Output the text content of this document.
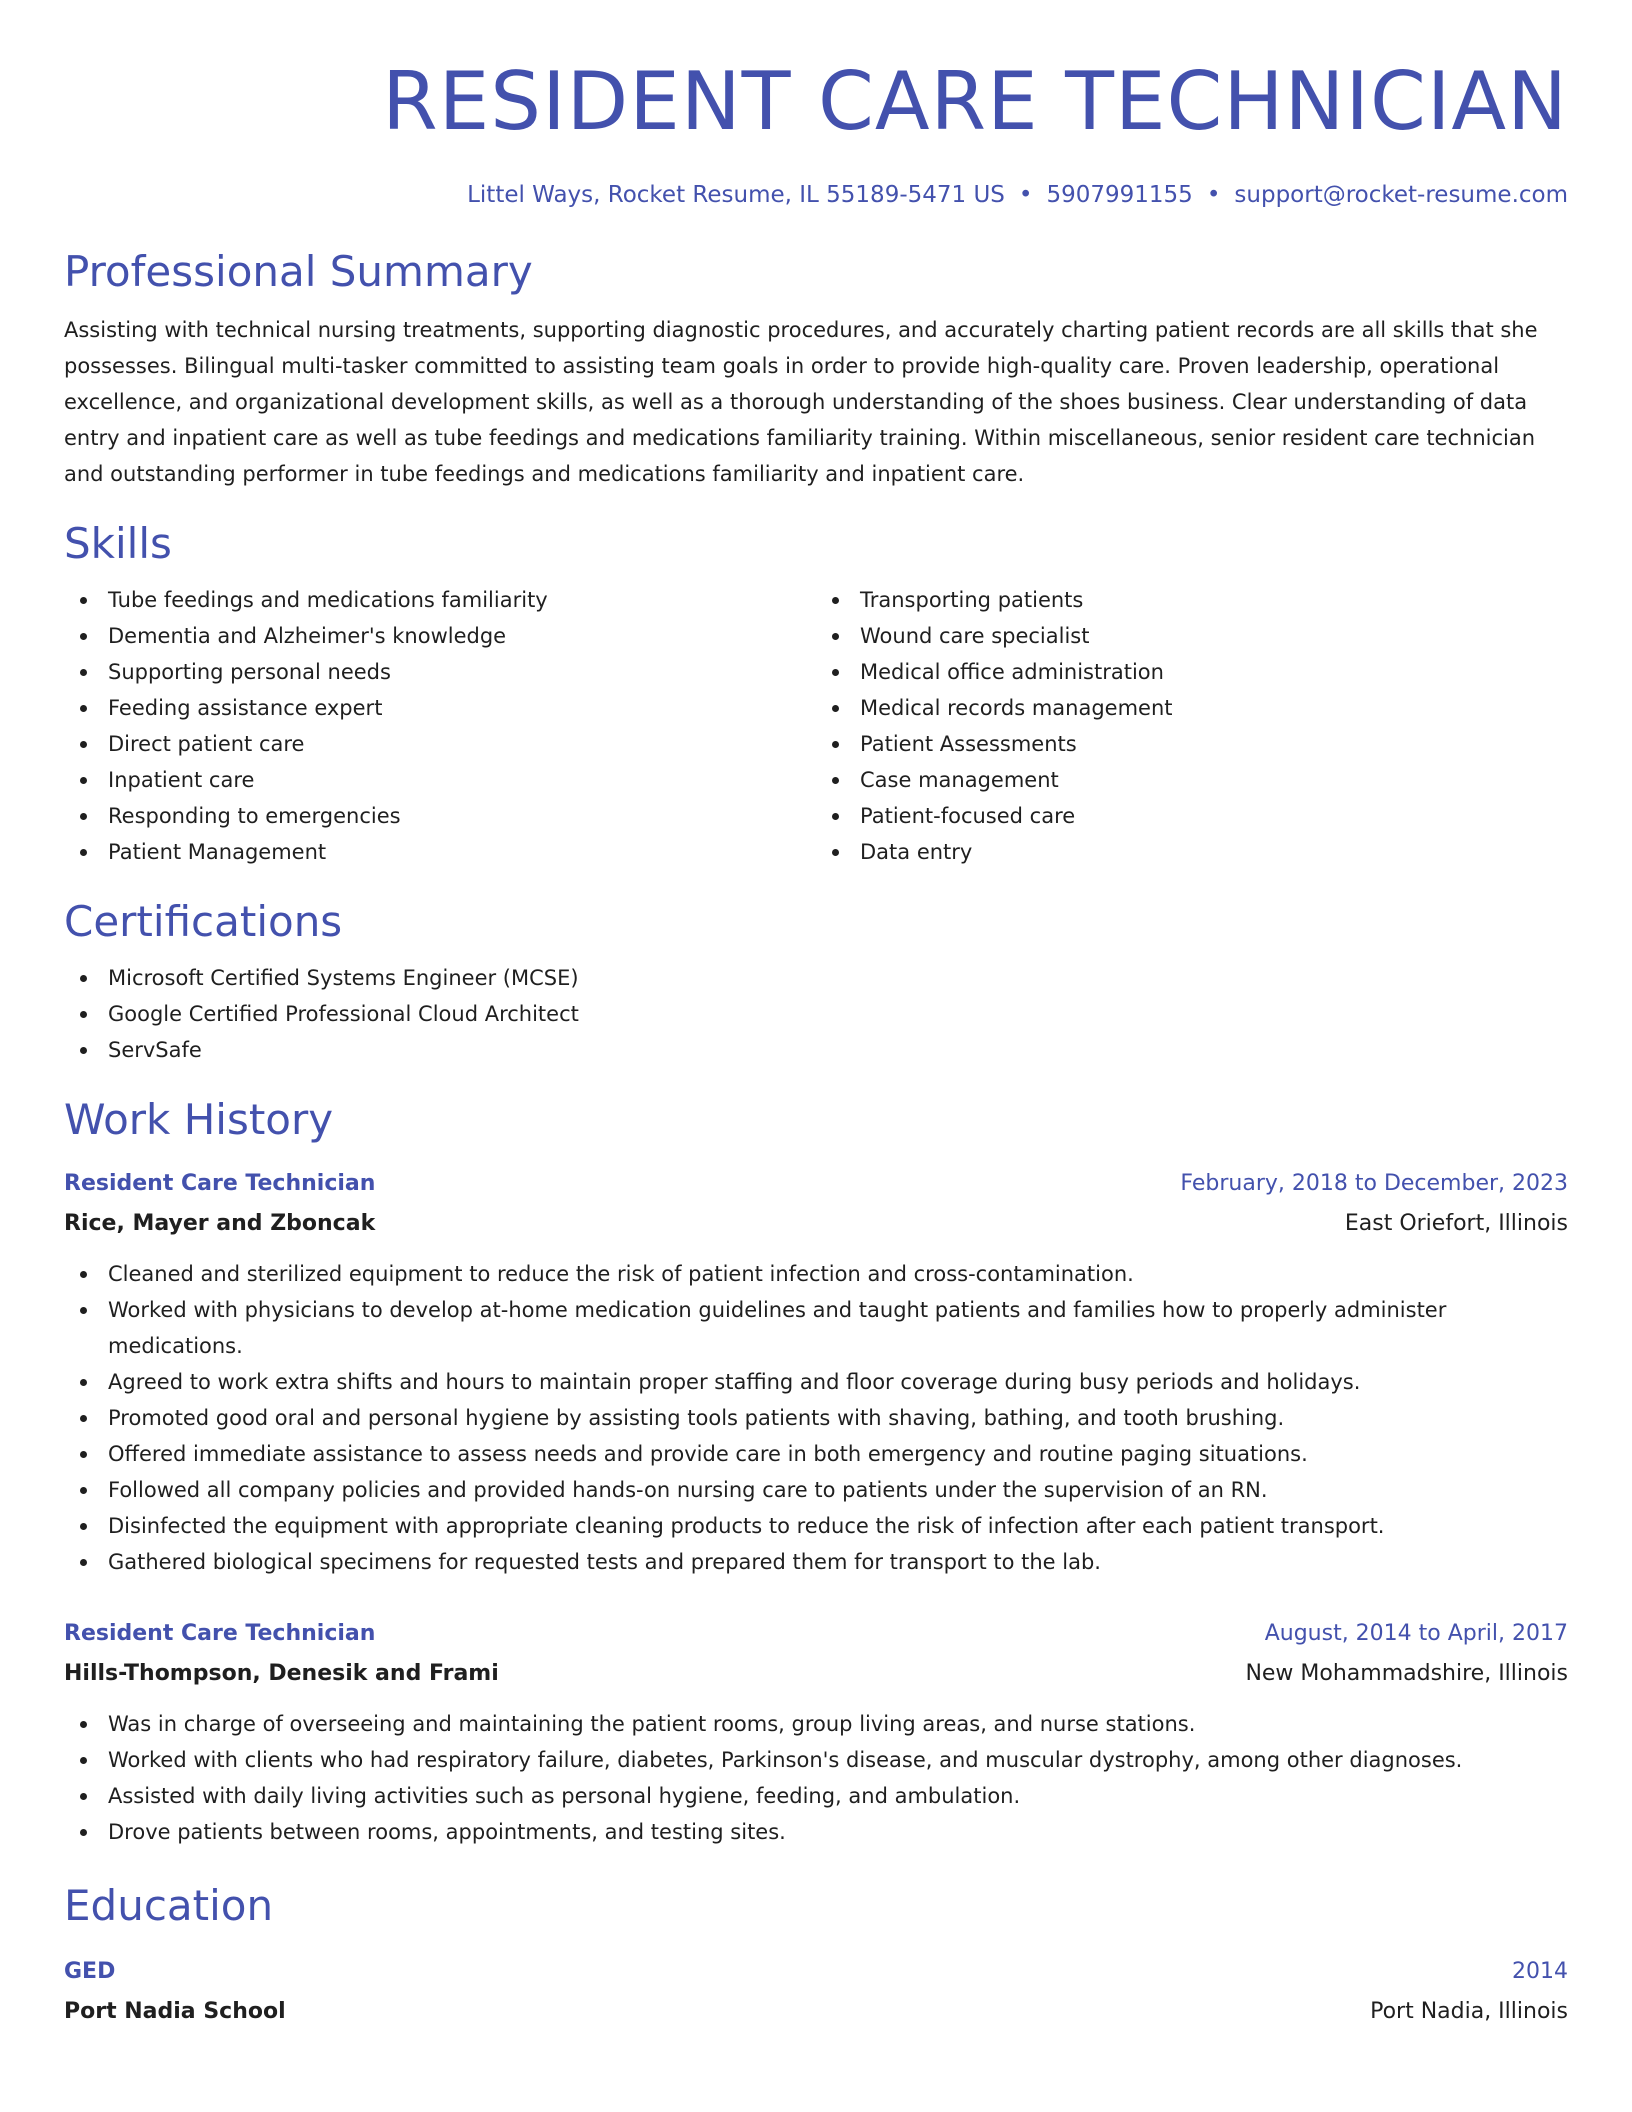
RESIDENT CARE TECHNICIAN
Littel Ways, Rocket Resume, IL 55189-5471 US • 5907991155 • support@rocket-resume.com
Professional Summary
Assisting with technical nursing treatments, supporting diagnostic procedures, and accurately charting patient records are all skills that she possesses. Bilingual multi-tasker committed to assisting team goals in order to provide high-quality care. Proven leadership, operational excellence, and organizational development skills, as well as a thorough understanding of the shoes business. Clear understanding of data entry and inpatient care as well as tube feedings and medications familiarity training. Within miscellaneous, senior resident care technician and outstanding performer in tube feedings and medications familiarity and inpatient care.
Skills
Tube feedings and medications familiarity
Dementia and Alzheimer's knowledge
Supporting personal needs
Feeding assistance expert
Direct patient care
Inpatient care
Responding to emergencies
Patient Management
Transporting patients
Wound care specialist
Medical office administration
Medical records management
Patient Assessments
Case management
Patient-focused care
Data entry
Certifications
Microsoft Certified Systems Engineer (MCSE)
Google Certified Professional Cloud Architect
ServSafe
Work History
Resident Care Technician	February, 2018 to December, 2023
Rice, Mayer and Zboncak	East Oriefort, Illinois
Cleaned and sterilized equipment to reduce the risk of patient infection and cross-contamination.
Worked with physicians to develop at-home medication guidelines and taught patients and families how to properly administer medications.
Agreed to work extra shifts and hours to maintain proper staffing and floor coverage during busy periods and holidays.
Promoted good oral and personal hygiene by assisting tools patients with shaving, bathing, and tooth brushing.
Offered immediate assistance to assess needs and provide care in both emergency and routine paging situations.
Followed all company policies and provided hands-on nursing care to patients under the supervision of an RN.
Disinfected the equipment with appropriate cleaning products to reduce the risk of infection after each patient transport.
Gathered biological specimens for requested tests and prepared them for transport to the lab.
Resident Care Technician	August, 2014 to April, 2017
Hills-Thompson, Denesik and Frami	New Mohammadshire, Illinois
Was in charge of overseeing and maintaining the patient rooms, group living areas, and nurse stations.
Worked with clients who had respiratory failure, diabetes, Parkinson's disease, and muscular dystrophy, among other diagnoses.
Assisted with daily living activities such as personal hygiene, feeding, and ambulation.
Drove patients between rooms, appointments, and testing sites.
Education
GED	2014
Port Nadia School	Port Nadia, Illinois
